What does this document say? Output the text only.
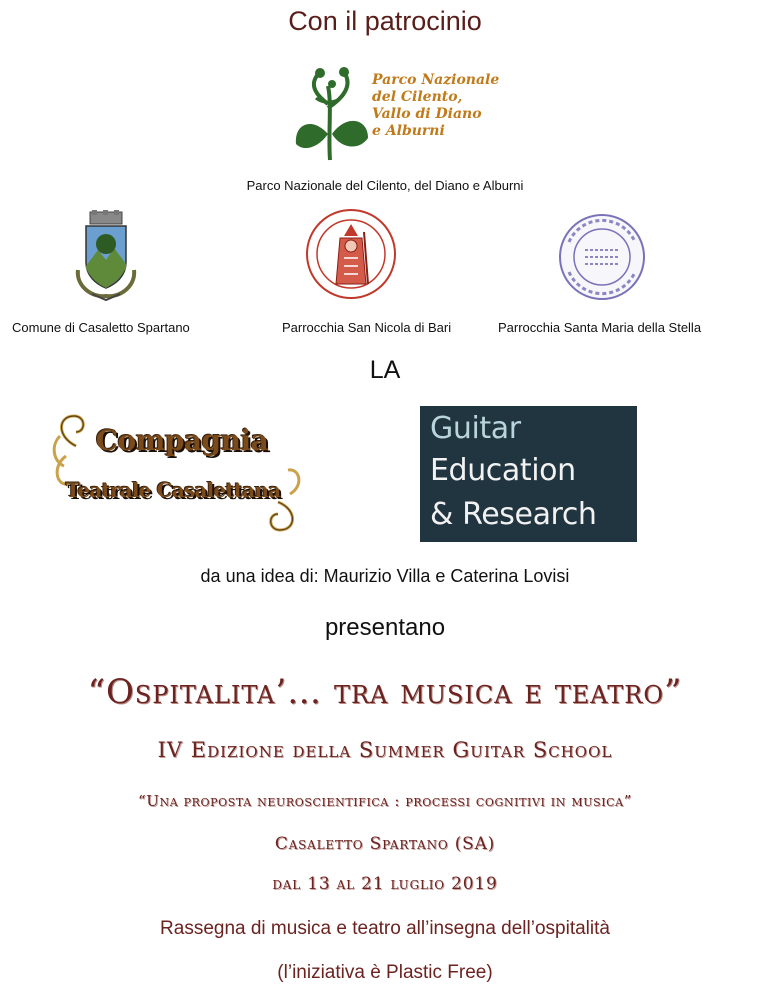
Con il patrocinio
Parco Nazionale
del Cilento,
Vallo di Diano
e Alburni
Parco Nazionale del Cilento, del Diano e Alburni
Comune di Casaletto Spartano	Parrocchia San Nicola di Bari	Parrocchia Santa Maria della Stella
LA
Compagnia
Teatrale Casalettana
Guitar
Education
& Research
da una idea di: Maurizio Villa e Caterina Lovisi
presentano
“Ospitalita’… tra musica e teatro”
IV Edizione della Summer Guitar School
“Una proposta neuroscientifica : processi cognitivi in musica”
Casaletto Spartano (SA)
dal 13 al 21 luglio 2019
Rassegna di musica e teatro all’insegna dell’ospitalità
(l’iniziativa è Plastic Free)
